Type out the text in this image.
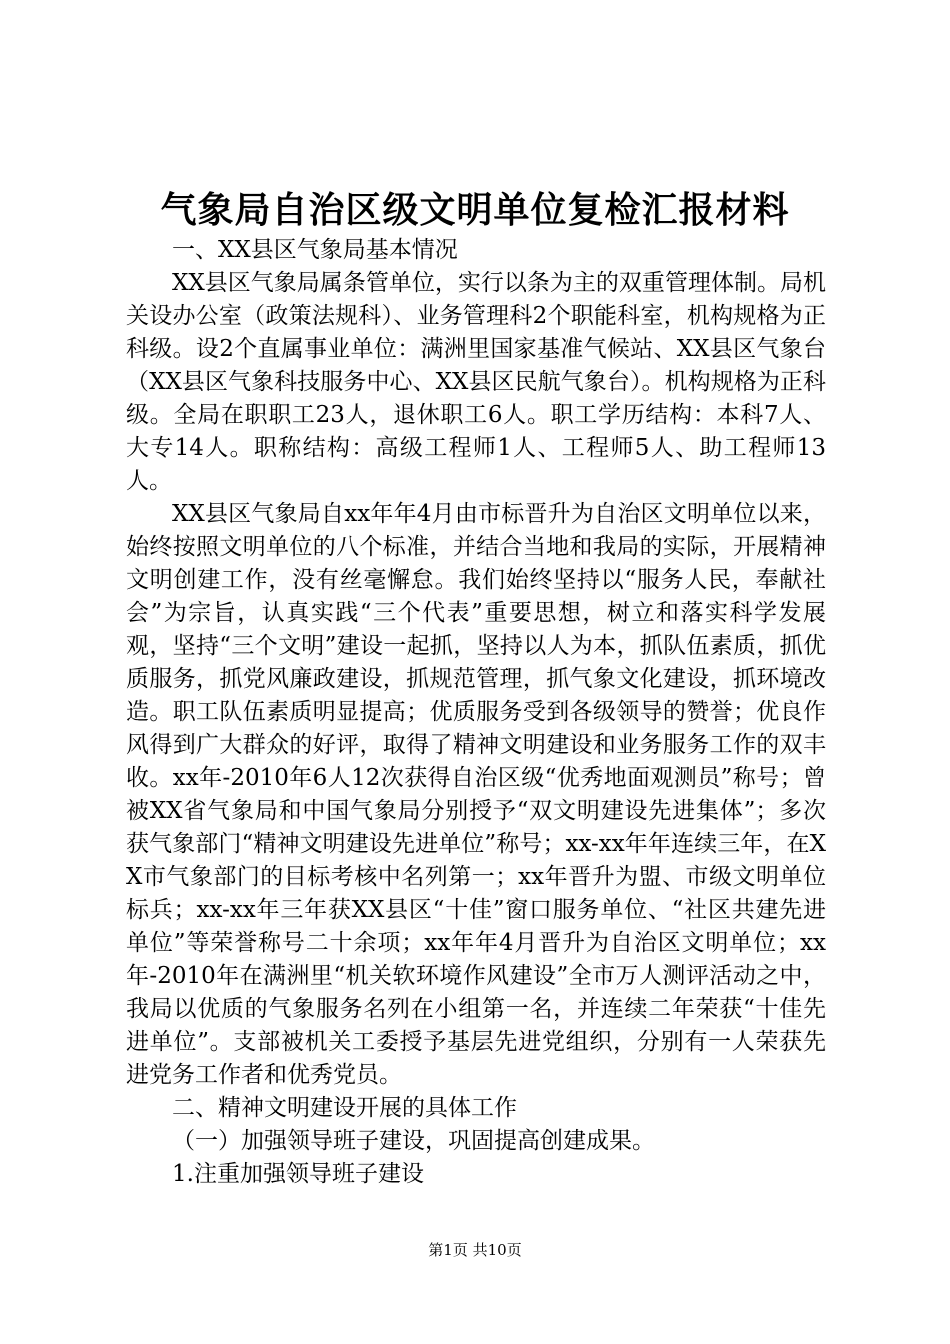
气象局自治区级文明单位复检汇报材料

一、XX县区气象局基本情况

XX县区气象局属条管单位，实行以条为主的双重管理体制。局机关设办公室（政策法规科）、业务管理科2个职能科室，机构规格为正科级。设2个直属事业单位：满洲里国家基准气候站、XX县区气象台（XX县区气象科技服务中心、XX县区民航气象台）。机构规格为正科级。全局在职职工23人，退休职工6人。职工学历结构：本科7人、大专14人。职称结构：高级工程师1人、工程师5人、助工程师13人。

XX县区气象局自xx年年4月由市标晋升为自治区文明单位以来，始终按照文明单位的八个标准，并结合当地和我局的实际，开展精神文明创建工作，没有丝毫懈怠。我们始终坚持以“服务人民，奉献社会”为宗旨，认真实践“三个代表”重要思想，树立和落实科学发展观，坚持“三个文明”建设一起抓，坚持以人为本，抓队伍素质，抓优质服务，抓党风廉政建设，抓规范管理，抓气象文化建设，抓环境改造。职工队伍素质明显提高；优质服务受到各级领导的赞誉；优良作风得到广大群众的好评，取得了精神文明建设和业务服务工作的双丰收。xx年-2010年6人12次获得自治区级“优秀地面观测员”称号；曾被XX省气象局和中国气象局分别授予“双文明建设先进集体”；多次获气象部门“精神文明建设先进单位”称号；xx-xx年年连续三年，在XX市气象部门的目标考核中名列第一；xx年晋升为盟、市级文明单位标兵；xx-xx年三年获XX县区“十佳”窗口服务单位、“社区共建先进单位”等荣誉称号二十余项；xx年年4月晋升为自治区文明单位；xx年-2010年在满洲里“机关软环境作风建设”全市万人测评活动之中，我局以优质的气象服务名列在小组第一名，并连续二年荣获“十佳先进单位”。支部被机关工委授予基层先进党组织，分别有一人荣获先进党务工作者和优秀党员。

二、精神文明建设开展的具体工作

（一）加强领导班子建设，巩固提高创建成果。

1.注重加强领导班子建设

第1页 共10页
